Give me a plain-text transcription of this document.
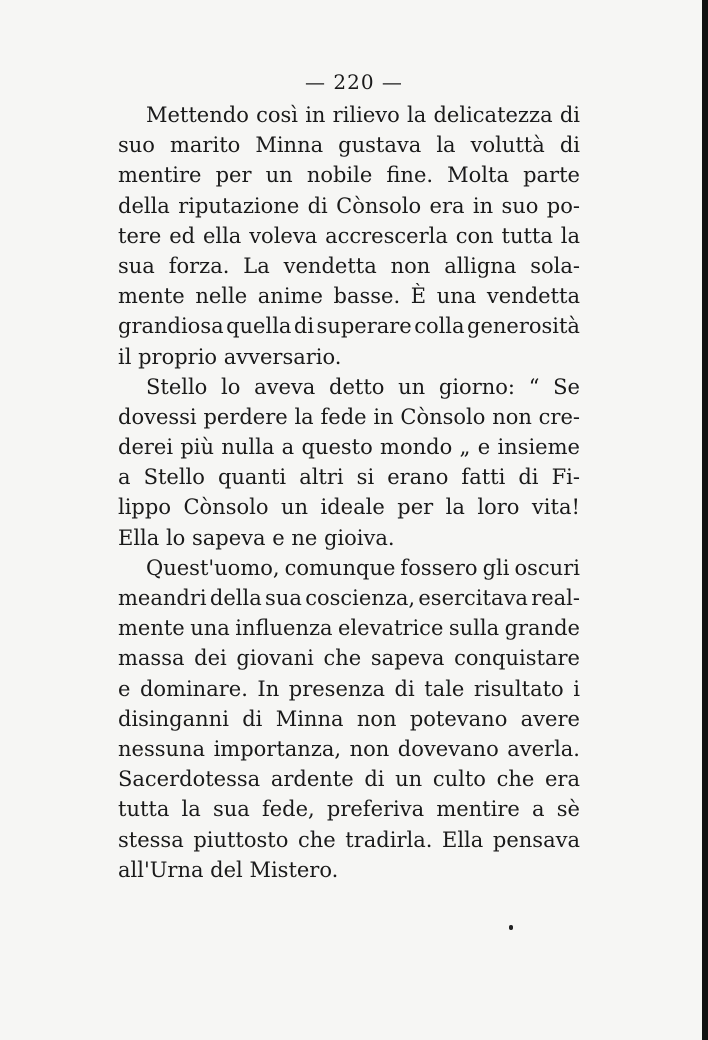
— 220 —
Mettendo così in rilievo la delicatezza di
suo marito Minna gustava la voluttà di
mentire per un nobile fine. Molta parte
della riputazione di Cònsolo era in suo po-
tere ed ella voleva accrescerla con tutta la
sua forza. La vendetta non alligna sola-
mente nelle anime basse. È una vendetta
grandiosa quella di superare colla generosità
il proprio avversario.
Stello lo aveva detto un giorno: “ Se
dovessi perdere la fede in Cònsolo non cre-
derei più nulla a questo mondo „ e insieme
a Stello quanti altri si erano fatti di Fi-
lippo Cònsolo un ideale per la loro vita!
Ella lo sapeva e ne gioiva.
Quest'uomo, comunque fossero gli oscuri
meandri della sua coscienza, esercitava real-
mente una influenza elevatrice sulla grande
massa dei giovani che sapeva conquistare
e dominare. In presenza di tale risultato i
disinganni di Minna non potevano avere
nessuna importanza, non dovevano averla.
Sacerdotessa ardente di un culto che era
tutta la sua fede, preferiva mentire a sè
stessa piuttosto che tradirla. Ella pensava
all'Urna del Mistero.
